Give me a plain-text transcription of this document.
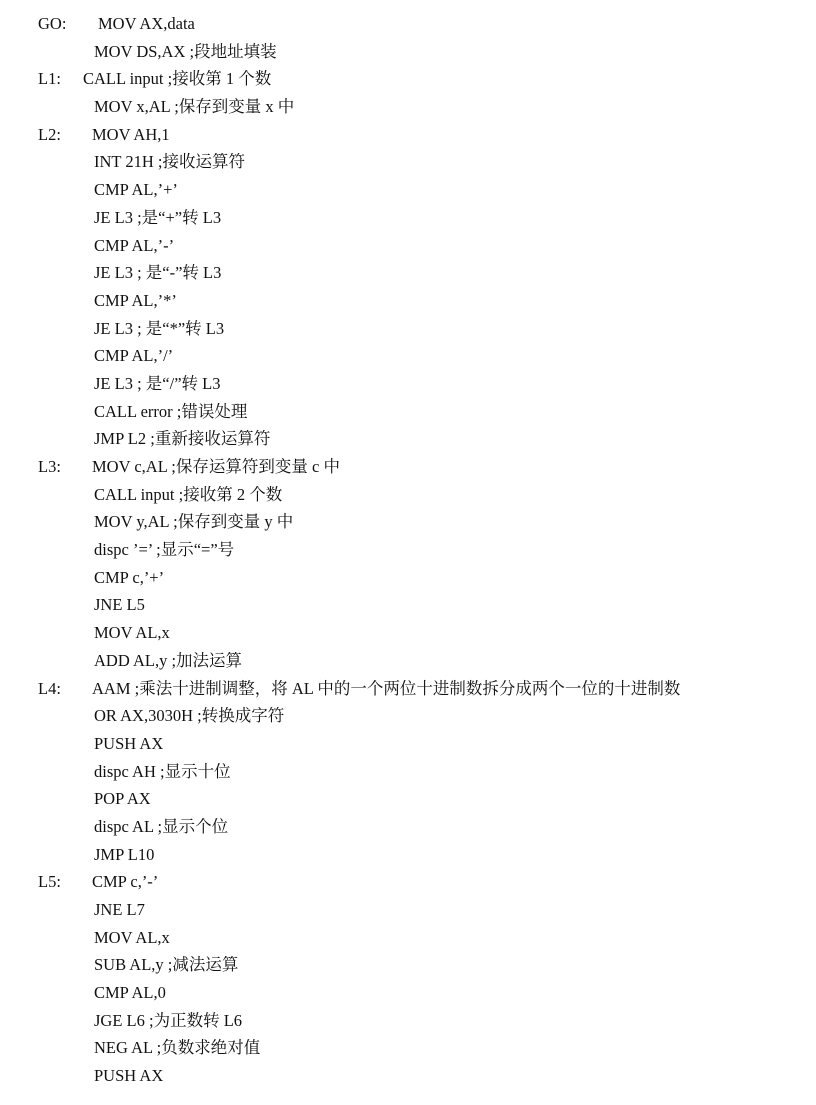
GO: MOV AX,data
MOV DS,AX ;段地址填装
L1: CALL input ;接收第 1 个数
MOV x,AL ;保存到变量 x 中
L2: MOV AH,1
INT 21H ;接收运算符
CMP AL,’+’
JE L3 ;是“+”转 L3
CMP AL,’-’
JE L3 ; 是“-”转 L3
CMP AL,’*’
JE L3 ; 是“*”转 L3
CMP AL,’/’
JE L3 ; 是“/”转 L3
CALL error ;错误处理
JMP L2 ;重新接收运算符
L3: MOV c,AL ;保存运算符到变量 c 中
CALL input ;接收第 2 个数
MOV y,AL ;保存到变量 y 中
dispc ’=’ ;显示“=”号
CMP c,’+’
JNE L5
MOV AL,x
ADD AL,y ;加法运算
L4: AAM ;乘法十进制调整，将 AL 中的一个两位十进制数拆分成两个一位的十进制数
OR AX,3030H ;转换成字符
PUSH AX
dispc AH ;显示十位
POP AX
dispc AL ;显示个位
JMP L10
L5: CMP c,’-’
JNE L7
MOV AL,x
SUB AL,y ;减法运算
CMP AL,0
JGE L6 ;为正数转 L6
NEG AL ;负数求绝对值
PUSH AX
